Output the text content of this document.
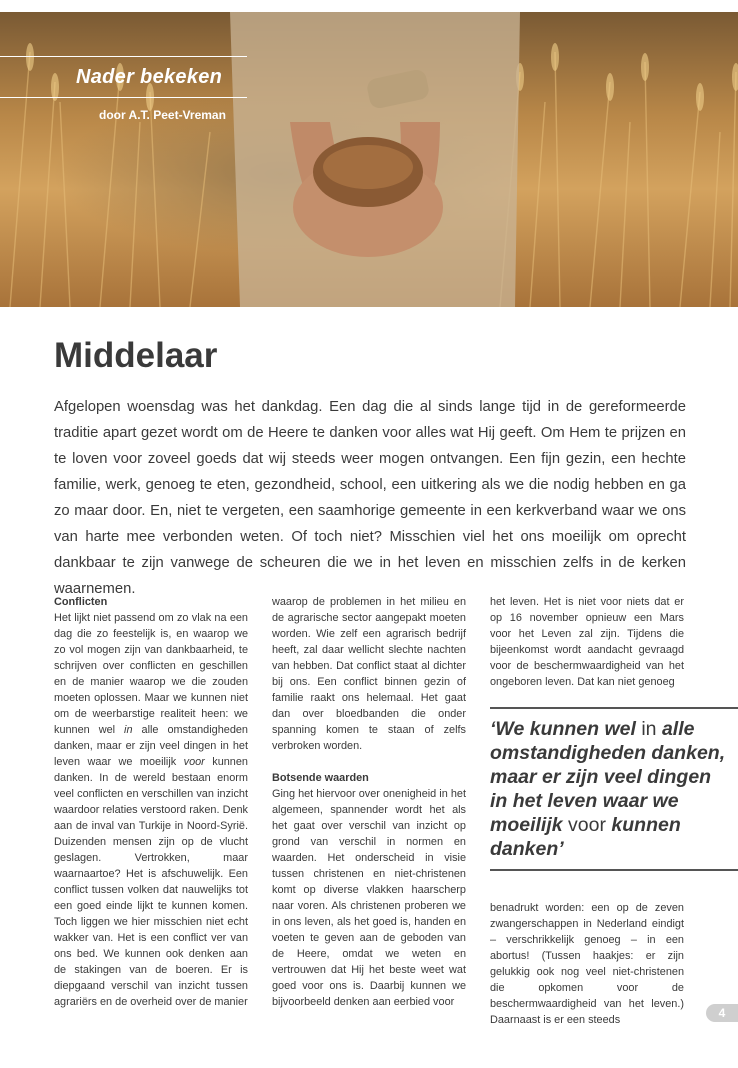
Nader bekeken
door A.T. Peet-Vreman
Middelaar
Afgelopen woensdag was het dankdag. Een dag die al sinds lange tijd in de gereformeerde traditie apart gezet wordt om de Heere te danken voor alles wat Hij geeft. Om Hem te prijzen en te loven voor zoveel goeds dat wij steeds weer mogen ontvangen. Een fijn gezin, een hechte familie, werk, genoeg te eten, gezondheid, school, een uitkering als we die nodig hebben en ga zo maar door. En, niet te vergeten, een saamhorige gemeente in een kerkverband waar we ons van harte mee verbonden weten. Of toch niet? Misschien viel het ons moeilijk om oprecht dankbaar te zijn vanwege de scheuren die we in het leven en misschien zelfs in de kerken waarnemen.
Conflicten

Het lijkt niet passend om zo vlak na een dag die zo feestelijk is, en waarop we zo vol mogen zijn van dankbaarheid, te schrijven over conflicten en geschillen en de manier waarop we die zouden moeten oplossen. Maar we kunnen niet om de weerbarstige realiteit heen: we kunnen wel in alle omstandigheden danken, maar er zijn veel dingen in het leven waar we moeilijk voor kunnen danken. In de wereld bestaan enorm veel conflicten en verschillen van inzicht waardoor relaties verstoord raken. Denk aan de inval van Turkije in Noord-Syrië. Duizenden mensen zijn op de vlucht geslagen. Vertrokken, maar waarnaartoe? Het is afschuwelijk. Een conflict tussen volken dat nauwelijks tot een goed einde lijkt te kunnen komen. Toch liggen we hier misschien niet echt wakker van. Het is een conflict ver van ons bed. We kunnen ook denken aan de stakingen van de boeren. Er is diepgaand verschil van inzicht tussen agrariërs en de overheid over de manier

waarop de problemen in het milieu en de agrarische sector aangepakt moeten worden. Wie zelf een agrarisch bedrijf heeft, zal daar wellicht slechte nachten van hebben. Dat conflict staat al dichter bij ons. Een conflict binnen gezin of familie raakt ons helemaal. Het gaat dan over bloedbanden die onder spanning komen te staan of zelfs verbroken worden.

Botsende waarden

Ging het hiervoor over onenigheid in het algemeen, spannender wordt het als het gaat over verschil van inzicht op grond van verschil in normen en waarden. Het onderscheid in visie tussen christenen en niet-christenen komt op diverse vlakken haarscherp naar voren. Als christenen proberen we in ons leven, als het goed is, handen en voeten te geven aan de geboden van de Heere, omdat we weten en vertrouwen dat Hij het beste weet wat goed voor ons is. Daarbij kunnen we bijvoorbeeld denken aan eerbied voor

het leven. Het is niet voor niets dat er op 16 november opnieuw een Mars voor het Leven zal zijn. Tijdens die bijeenkomst wordt aandacht gevraagd voor de beschermwaardigheid van het ongeboren leven. Dat kan niet genoeg

‘We kunnen wel in alle omstandigheden danken, maar er zijn veel dingen in het leven waar we moeilijk voor kunnen danken’

benadrukt worden: een op de zeven zwangerschappen in Nederland eindigt – verschrikkelijk genoeg – in een abortus! (Tussen haakjes: er zijn gelukkig ook nog veel niet-christenen die opkomen voor de beschermwaardigheid van het leven.) Daarnaast is er een steeds	4
